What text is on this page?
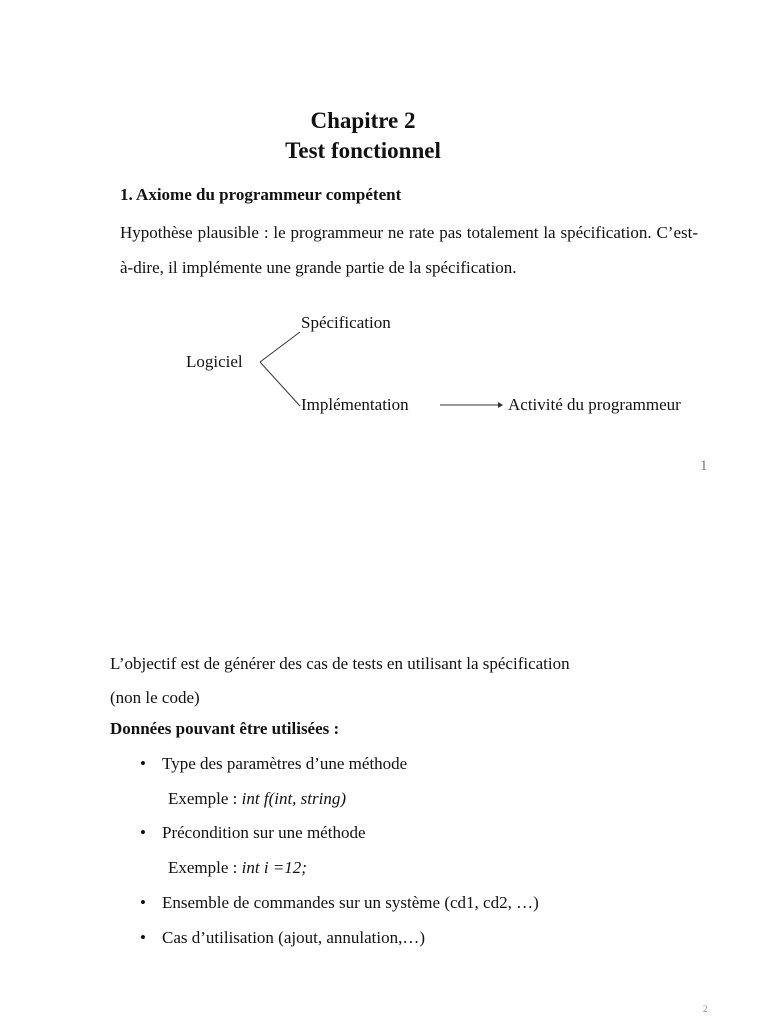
Chapitre 2
Test fonctionnel
1. Axiome du programmeur compétent

Hypothèse plausible : le programmeur ne rate pas totalement la spécification. C’est-à-dire, il implémente une grande partie de la spécification.

Logiciel
Spécification
Implémentation	Activité du programmeur
1
L’objectif est de générer des cas de tests en utilisant la spécification
(non le code)
Données pouvant être utilisées :
• Type des paramètres d’une méthode
Exemple : int f(int, string)
• Précondition sur une méthode
Exemple : int i =12;
• Ensemble de commandes sur un système (cd1, cd2, …)
• Cas d’utilisation (ajout, annulation,…)
2
